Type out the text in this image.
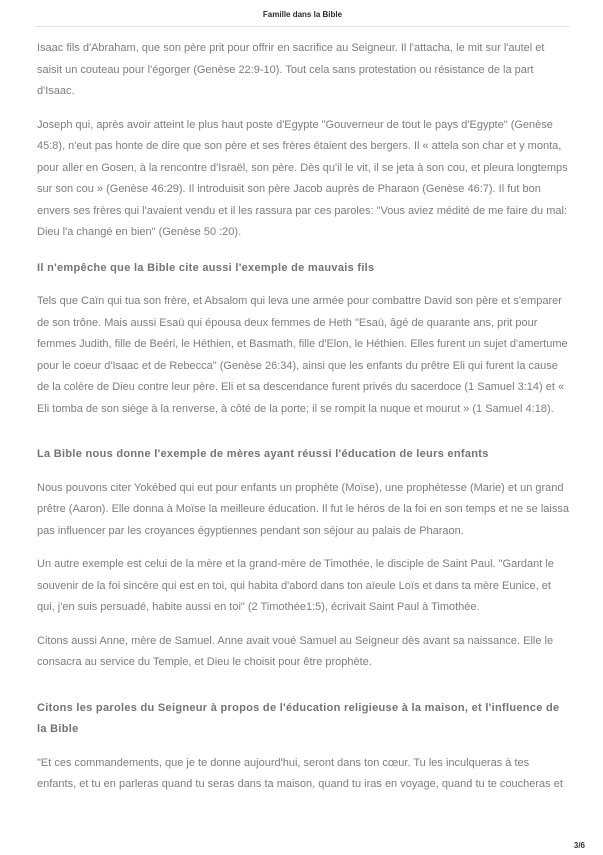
Famille dans la Bible

Isaac fils d'Abraham, que son père prit pour offrir en sacrifice au Seigneur. Il l'attacha, le mit sur l'autel et saisit un couteau pour l'égorger (Genèse 22:9-10). Tout cela sans protestation ou résistance de la part d'Isaac.

Joseph qui, après avoir atteint le plus haut poste d'Egypte "Gouverneur de tout le pays d'Egypte" (Genèse 45:8), n'eut pas honte de dire que son père et ses frères étaient des bergers. Il « attela son char et y monta, pour aller en Gosen, à la rencontre d'Israël, son père. Dès qu'il le vit, il se jeta à son cou, et pleura longtemps sur son cou » (Genèse 46:29). Il introduisit son père Jacob auprès de Pharaon (Genèse 46:7). Il fut bon envers ses frères qui l'avaient vendu et il les rassura par ces paroles: "Vous aviez médité de me faire du mal: Dieu l'a changé en bien" (Genèse 50 :20).

Il n'empêche que la Bible cite aussi l'exemple de mauvais fils

Tels que Caïn qui tua son frère, et Absalom qui leva une armée pour combattre David son père et s'emparer de son trône. Mais aussi Esaü qui épousa deux femmes de Heth "Esaü, âgé de quarante ans, prit pour femmes Judith, fille de Beéri, le Héthien, et Basmath, fille d'Elon, le Héthien. Elles furent un sujet d'amertume pour le coeur d'Isaac et de Rebecca" (Genèse 26:34), ainsi que les enfants du prêtre Eli qui furent la cause de la colère de Dieu contre leur père. Eli et sa descendance furent privés du sacerdoce (1 Samuel 3:14) et « Eli tomba de son siège à la renverse, à côté de la porte; il se rompit la nuque et mourut » (1 Samuel 4:18).

La Bible nous donne l'exemple de mères ayant réussi l'éducation de leurs enfants

Nous pouvons citer Yokébed qui eut pour enfants un prophète (Moïse), une prophétesse (Marie) et un grand prêtre (Aaron). Elle donna à Moïse la meilleure éducation. Il fut le héros de la foi en son temps et ne se laissa pas influencer par les croyances égyptiennes pendant son séjour au palais de Pharaon.

Un autre exemple est celui de la mère et la grand-mère de Timothée, le disciple de Saint Paul. "Gardant le souvenir de la foi sincère qui est en toi, qui habita d'abord dans ton aïeule Loïs et dans ta mère Eunice, et qui, j'en suis persuadé, habite aussi en toi" (2 Timothée1:5), écrivait Saint Paul à Timothée.

Citons aussi Anne, mère de Samuel. Anne avait voué Samuel au Seigneur dès avant sa naissance. Elle le consacra au service du Temple, et Dieu le choisit pour être prophète.

Citons les paroles du Seigneur à propos de l'éducation religieuse à la maison, et l'influence de la Bible

"Et ces commandements, que je te donne aujourd'hui, seront dans ton cœur. Tu les inculqueras à tes enfants, et tu en parleras quand tu seras dans ta maison, quand tu iras en voyage, quand tu te coucheras et

3/6
